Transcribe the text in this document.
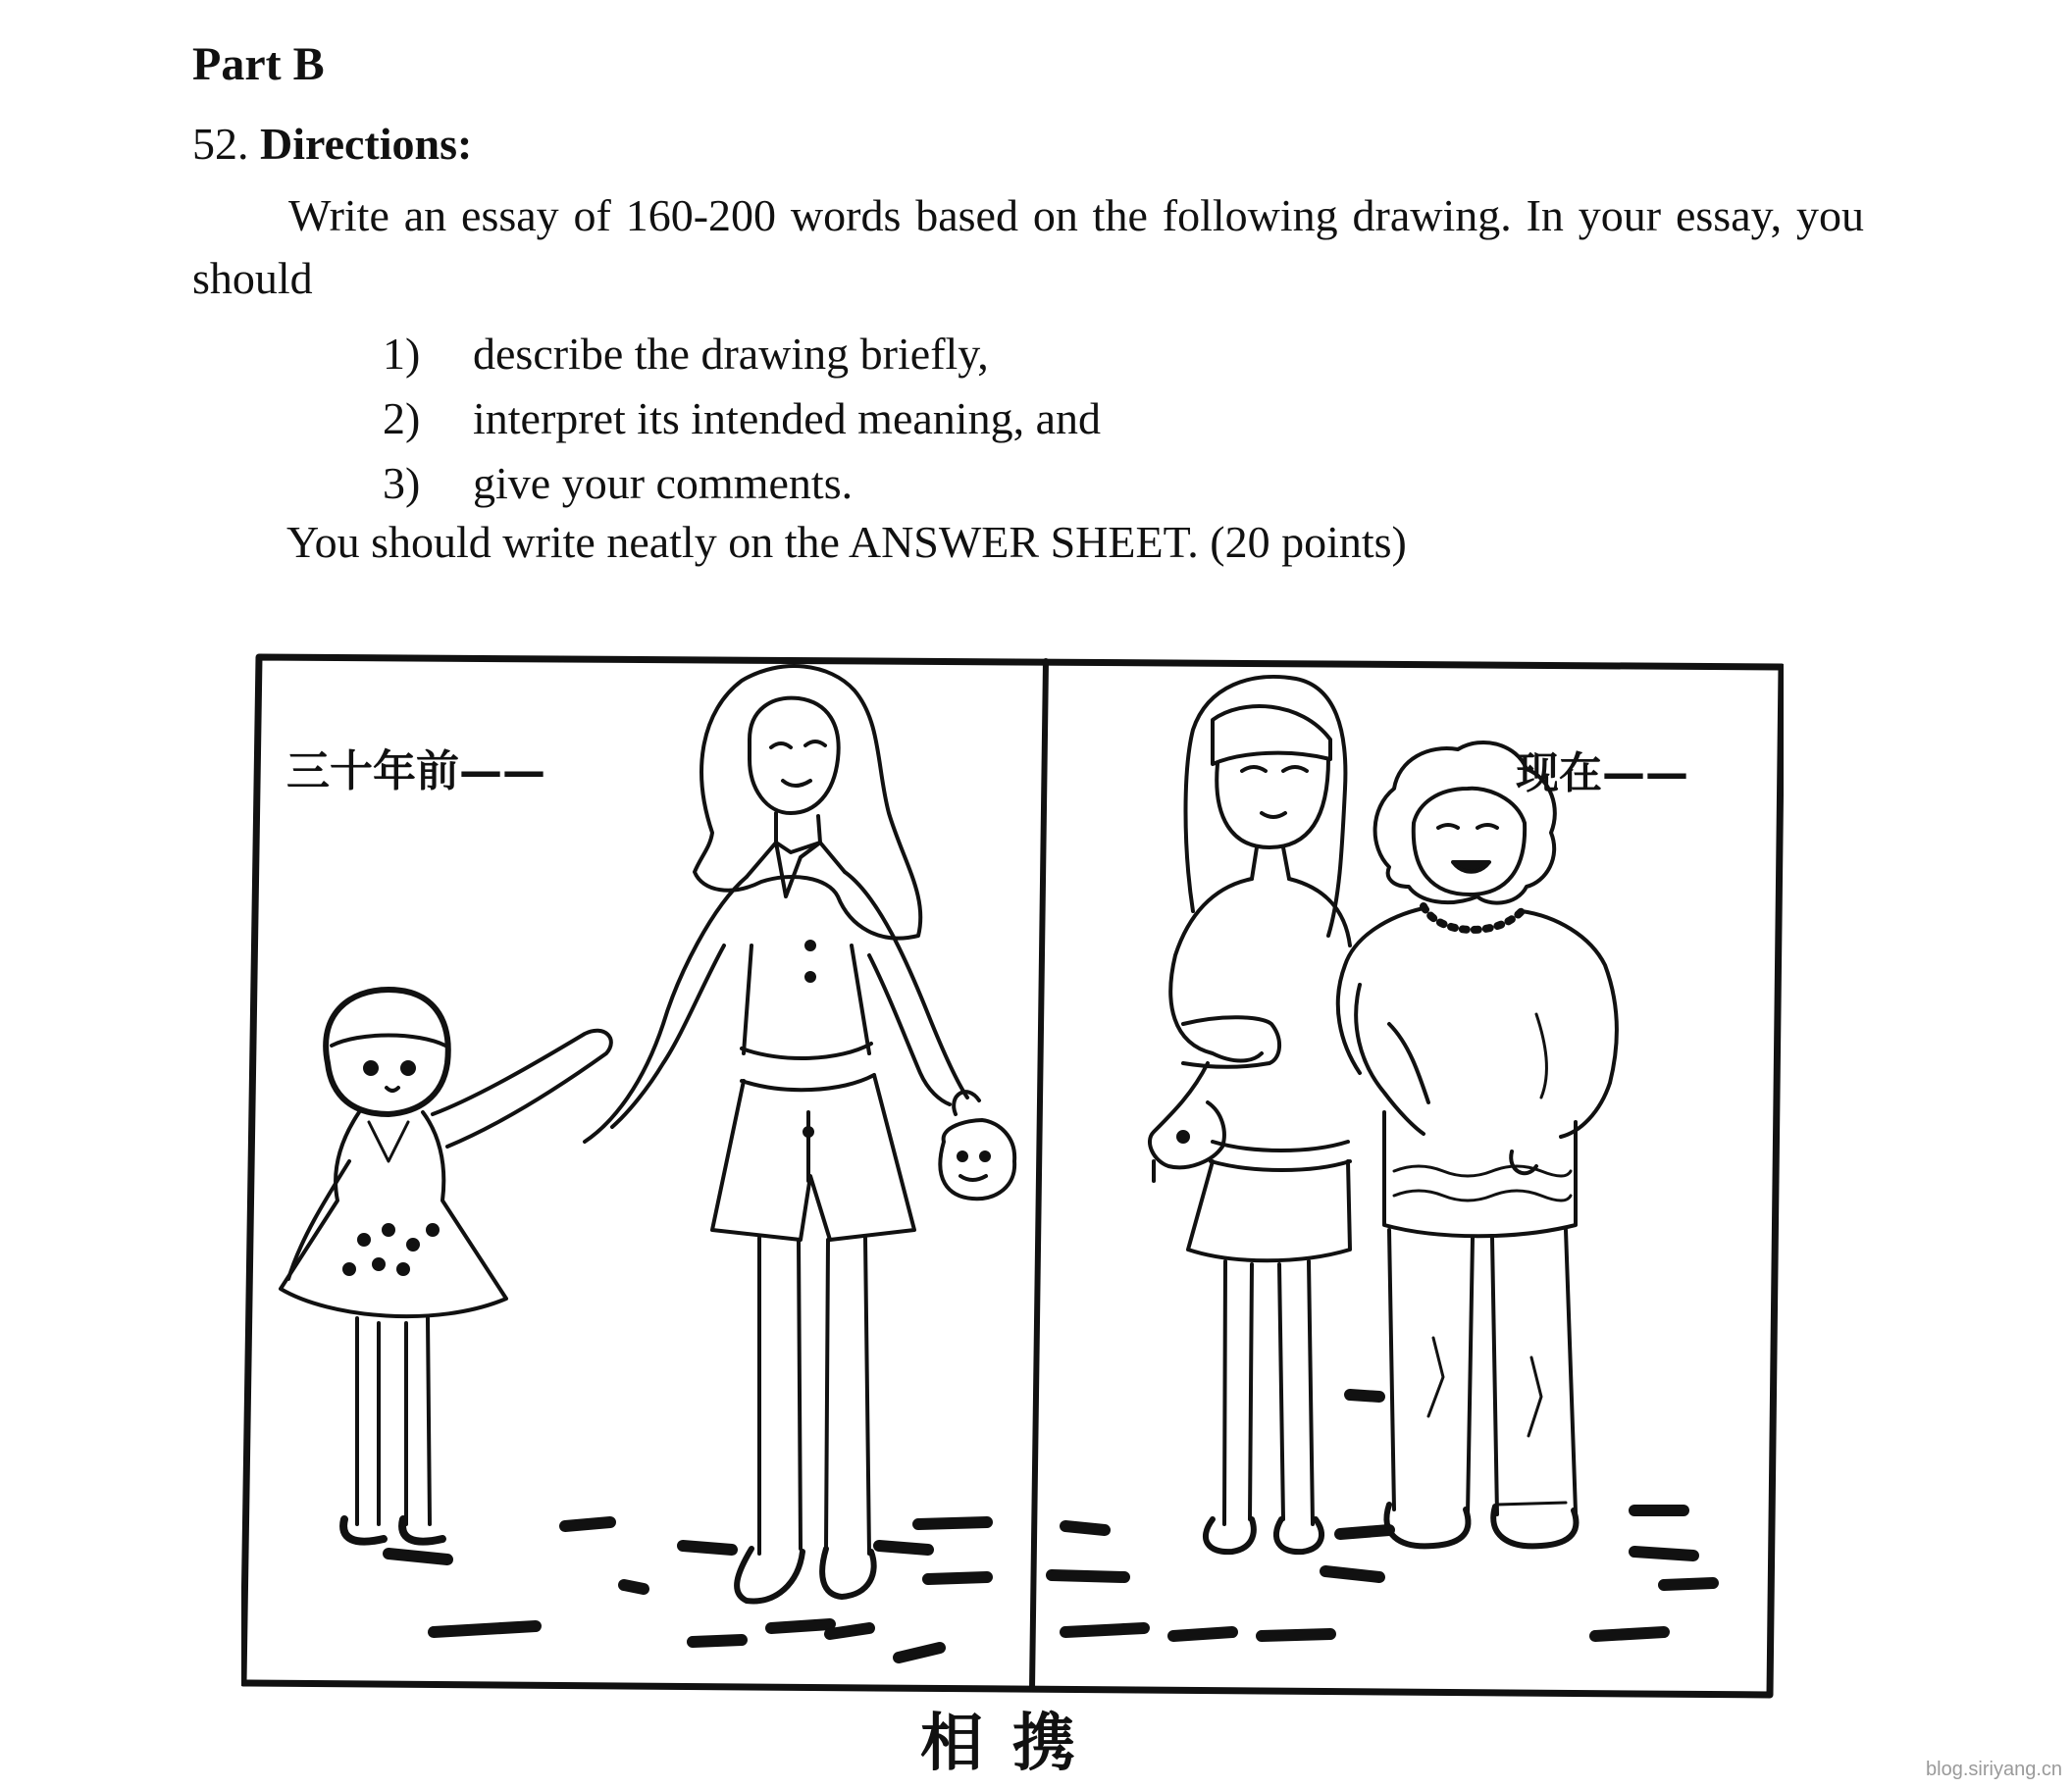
Part B
52. Directions:

Write an essay of 160-200 words based on the following drawing. In your essay, you should

1)	describe the drawing briefly,
2)	interpret its intended meaning, and
3)	give your comments.
You should write neatly on the ANSWER SHEET. (20 points)
三十年前——	现在——
相携	blog.siriyang.cn
